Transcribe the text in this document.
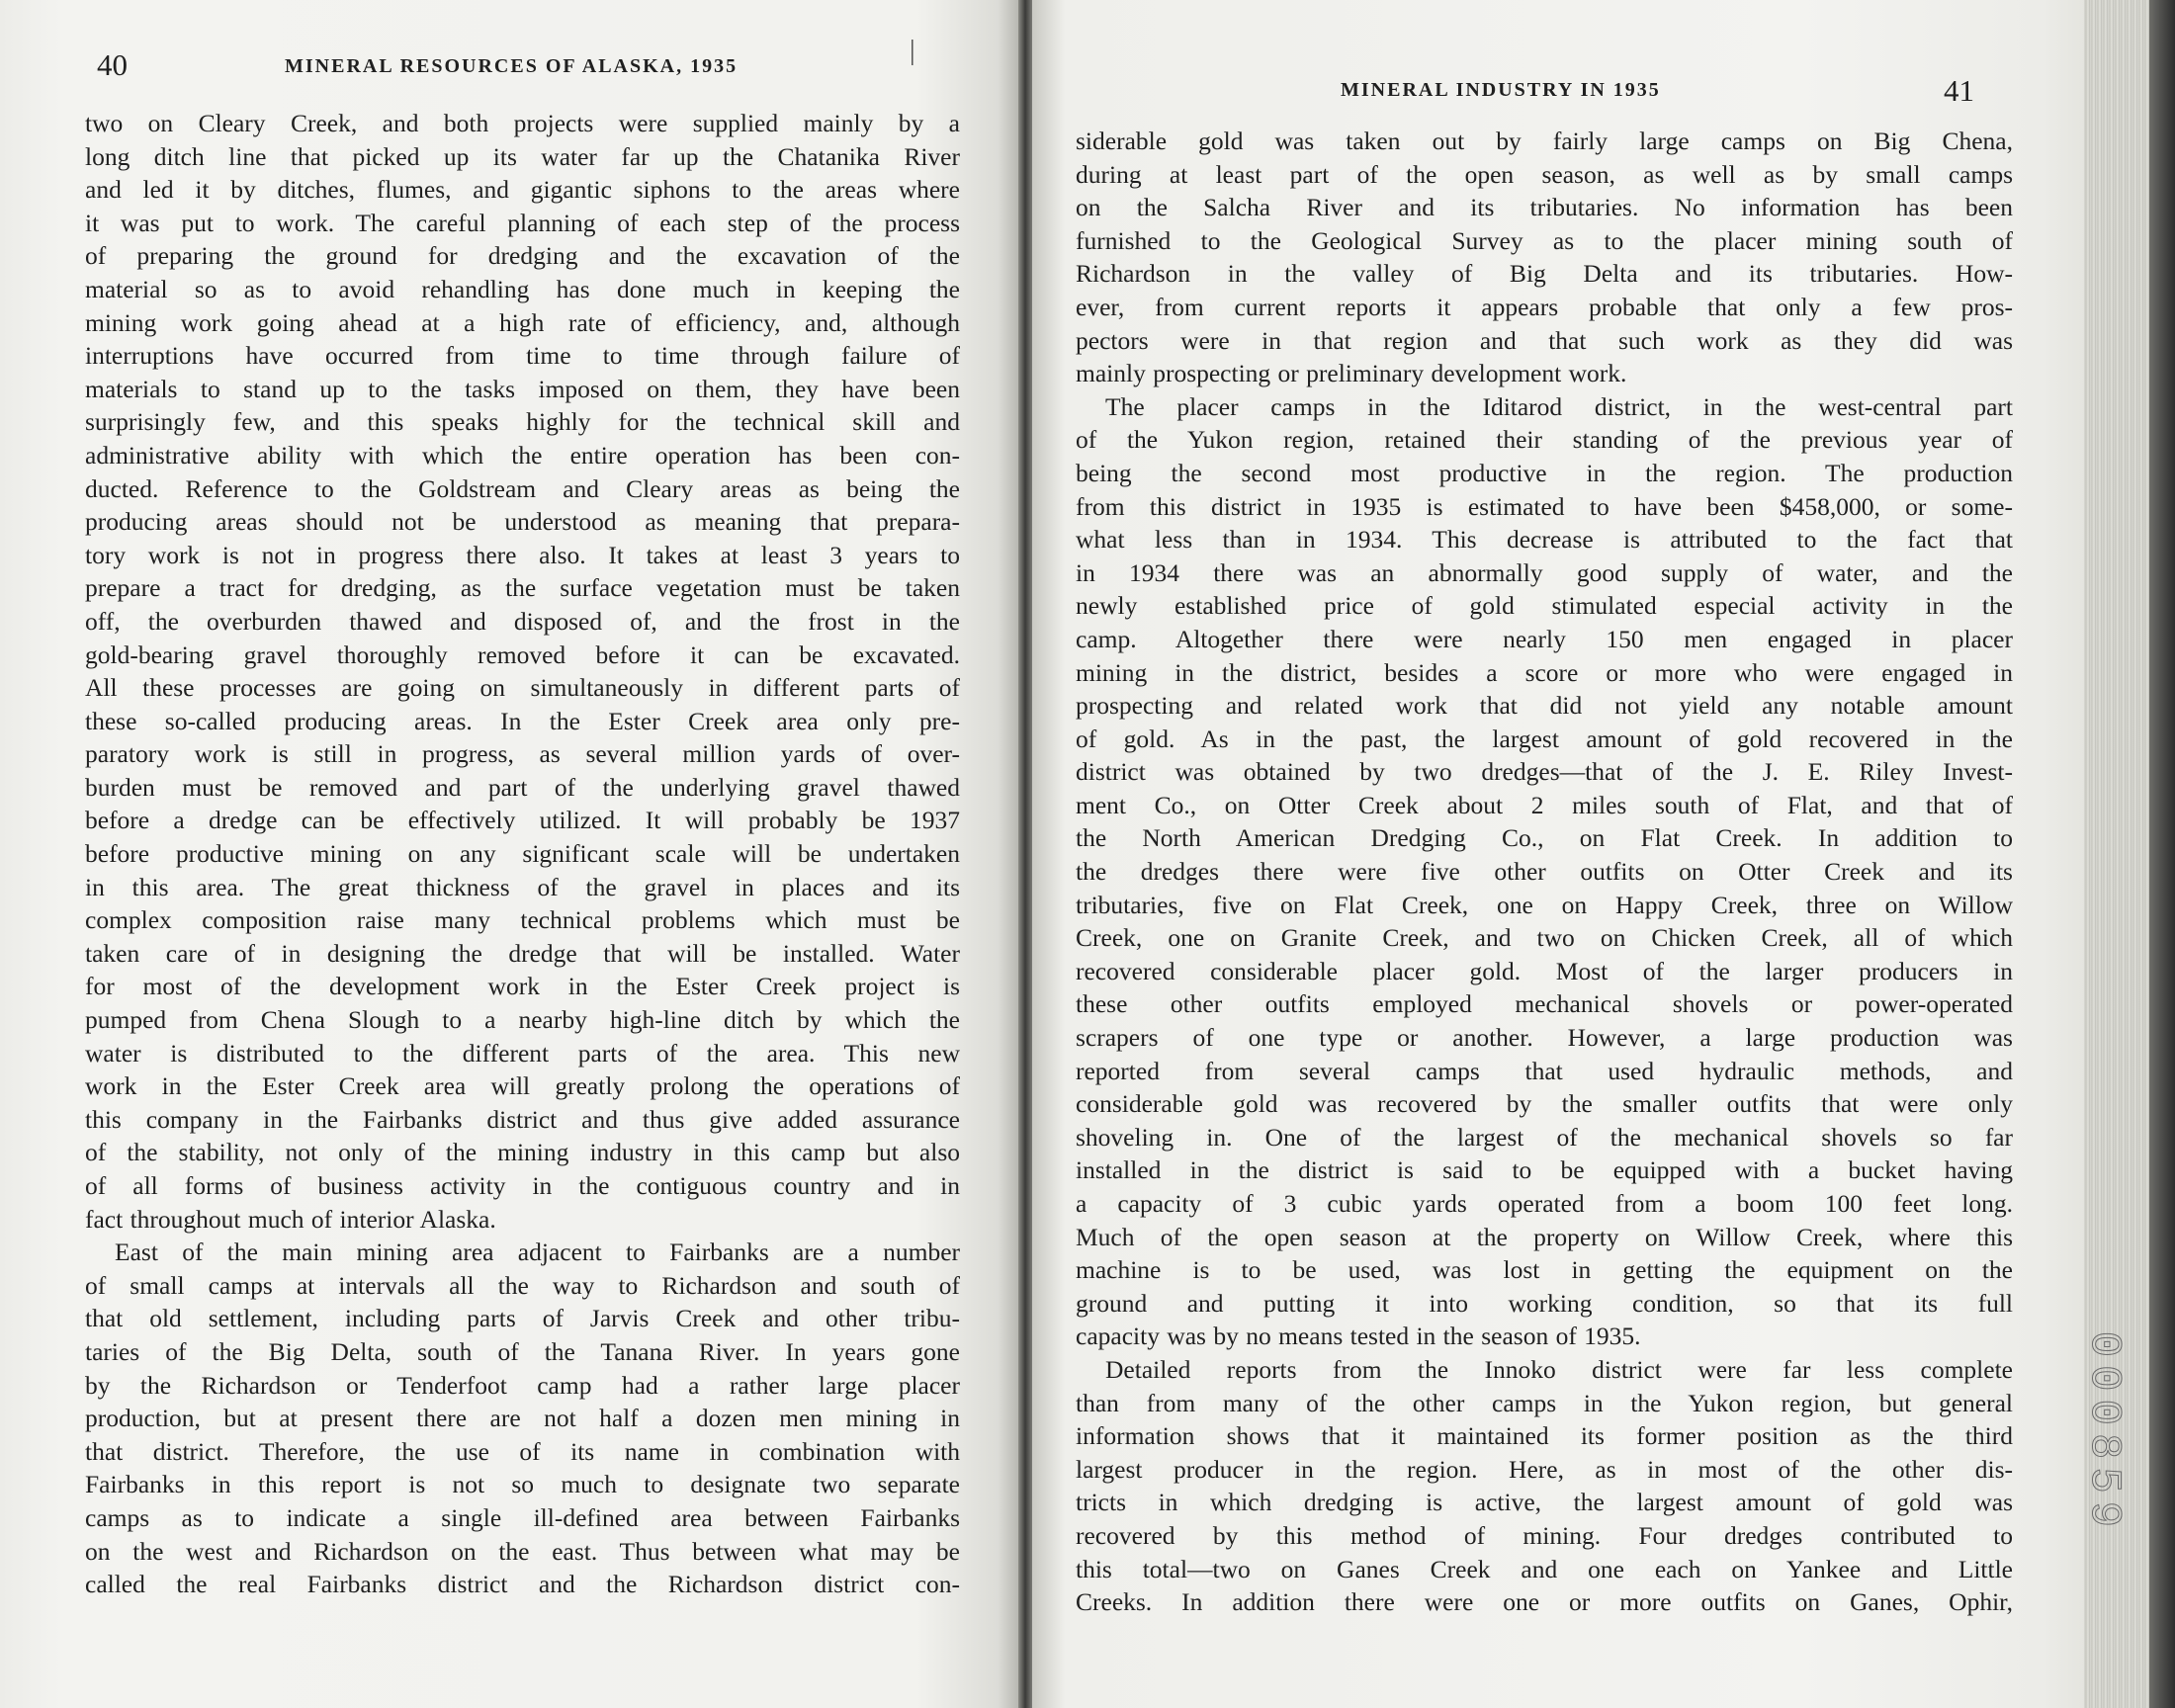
40	MINERAL RESOURCES OF ALASKA, 1935	|
two on Cleary Creek, and both projects were supplied mainly by a
long ditch line that picked up its water far up the Chatanika River
and led it by ditches, flumes, and gigantic siphons to the areas where
it was put to work. The careful planning of each step of the process
of preparing the ground for dredging and the excavation of the
material so as to avoid rehandling has done much in keeping the
mining work going ahead at a high rate of efficiency, and, although
interruptions have occurred from time to time through failure of
materials to stand up to the tasks imposed on them, they have been
surprisingly few, and this speaks highly for the technical skill and
administrative ability with which the entire operation has been con-
ducted. Reference to the Goldstream and Cleary areas as being the
producing areas should not be understood as meaning that prepara-
tory work is not in progress there also. It takes at least 3 years to
prepare a tract for dredging, as the surface vegetation must be taken
off, the overburden thawed and disposed of, and the frost in the
gold-bearing gravel thoroughly removed before it can be excavated.
All these processes are going on simultaneously in different parts of
these so-called producing areas. In the Ester Creek area only pre-
paratory work is still in progress, as several million yards of over-
burden must be removed and part of the underlying gravel thawed
before a dredge can be effectively utilized. It will probably be 1937
before productive mining on any significant scale will be undertaken
in this area. The great thickness of the gravel in places and its
complex composition raise many technical problems which must be
taken care of in designing the dredge that will be installed. Water
for most of the development work in the Ester Creek project is
pumped from Chena Slough to a nearby high-line ditch by which the
water is distributed to the different parts of the area. This new
work in the Ester Creek area will greatly prolong the operations of
this company in the Fairbanks district and thus give added assurance
of the stability, not only of the mining industry in this camp but also
of all forms of business activity in the contiguous country and in
fact throughout much of interior Alaska.
East of the main mining area adjacent to Fairbanks are a number
of small camps at intervals all the way to Richardson and south of
that old settlement, including parts of Jarvis Creek and other tribu-
taries of the Big Delta, south of the Tanana River. In years gone
by the Richardson or Tenderfoot camp had a rather large placer
production, but at present there are not half a dozen men mining in
that district. Therefore, the use of its name in combination with
Fairbanks in this report is not so much to designate two separate
camps as to indicate a single ill-defined area between Fairbanks
on the west and Richardson on the east. Thus between what may be
called the real Fairbanks district and the Richardson district con-
MINERAL INDUSTRY IN 1935	41
siderable gold was taken out by fairly large camps on Big Chena,
during at least part of the open season, as well as by small camps
on the Salcha River and its tributaries. No information has been
furnished to the Geological Survey as to the placer mining south of
Richardson in the valley of Big Delta and its tributaries. How-
ever, from current reports it appears probable that only a few pros-
pectors were in that region and that such work as they did was
mainly prospecting or preliminary development work.
The placer camps in the Iditarod district, in the west-central part
of the Yukon region, retained their standing of the previous year of
being the second most productive in the region. The production
from this district in 1935 is estimated to have been $458,000, or some-
what less than in 1934. This decrease is attributed to the fact that
in 1934 there was an abnormally good supply of water, and the
newly established price of gold stimulated especial activity in the
camp. Altogether there were nearly 150 men engaged in placer
mining in the district, besides a score or more who were engaged in
prospecting and related work that did not yield any notable amount
of gold. As in the past, the largest amount of gold recovered in the
district was obtained by two dredges—that of the J. E. Riley Invest-
ment Co., on Otter Creek about 2 miles south of Flat, and that of
the North American Dredging Co., on Flat Creek. In addition to
the dredges there were five other outfits on Otter Creek and its
tributaries, five on Flat Creek, one on Happy Creek, three on Willow
Creek, one on Granite Creek, and two on Chicken Creek, all of which
recovered considerable placer gold. Most of the larger producers in
these other outfits employed mechanical shovels or power-operated
scrapers of one type or another. However, a large production was
reported from several camps that used hydraulic methods, and
considerable gold was recovered by the smaller outfits that were only
shoveling in. One of the largest of the mechanical shovels so far
installed in the district is said to be equipped with a bucket having
a capacity of 3 cubic yards operated from a boom 100 feet long.
Much of the open season at the property on Willow Creek, where this
machine is to be used, was lost in getting the equipment on the
ground and putting it into working condition, so that its full
capacity was by no means tested in the season of 1935.
Detailed reports from the Innoko district were far less complete
than from many of the other camps in the Yukon region, but general
information shows that it maintained its former position as the third
largest producer in the region. Here, as in most of the other dis-
tricts in which dredging is active, the largest amount of gold was
recovered by this method of mining. Four dredges contributed to
this total—two on Ganes Creek and one each on Yankee and Little
Creeks. In addition there were one or more outfits on Ganes, Ophir,
000859
